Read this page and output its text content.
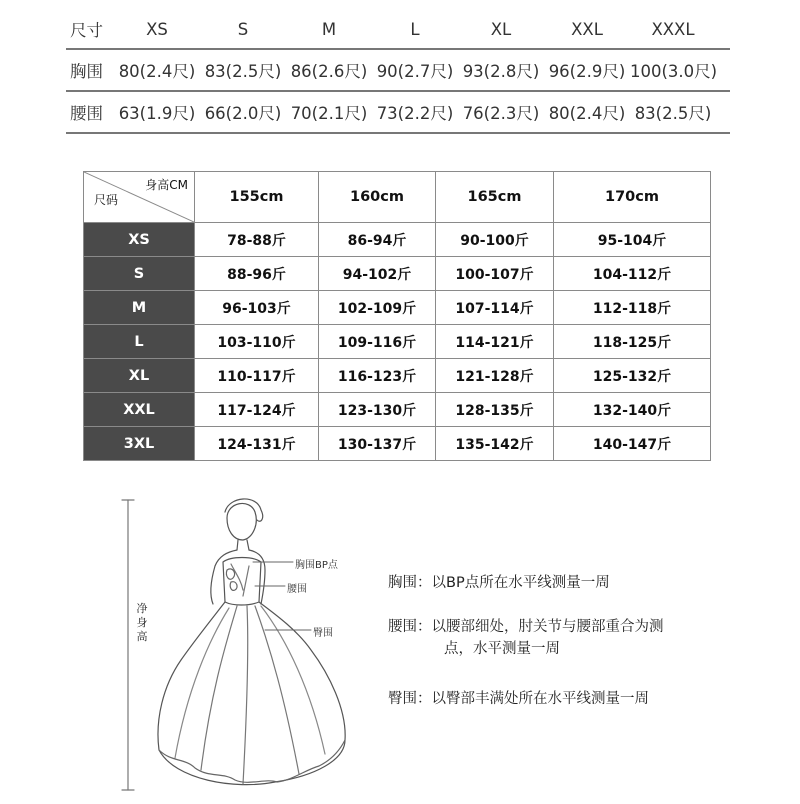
尺寸	XS	S	M	L	XL	XXL	XXXL
胸围 80(2.4尺) 83(2.5尺) 86(2.6尺) 90(2.7尺) 93(2.8尺) 96(2.9尺) 100(3.0尺)
腰围 63(1.9尺) 66(2.0尺) 70(2.1尺) 73(2.2尺) 76(2.3尺) 80(2.4尺) 83(2.5尺)
身高CM
尺码	155cm	160cm	165cm	170cm
XS	78-88斤	86-94斤	90-100斤	95-104斤
S	88-96斤	94-102斤	100-107斤	104-112斤
M	96-103斤	102-109斤	107-114斤	112-118斤
L	103-110斤	109-116斤	114-121斤	118-125斤
XL	110-117斤	116-123斤	121-128斤	125-132斤
XXL	117-124斤	123-130斤	128-135斤	132-140斤
3XL	124-131斤	130-137斤	135-142斤	140-147斤
胸围BP点
腰围
臀围
净身高
胸围：以BP点所在水平线测量一周
腰围：以腰部细处，肘关节与腰部重合为测
点，水平测量一周
臀围：以臀部丰满处所在水平线测量一周
